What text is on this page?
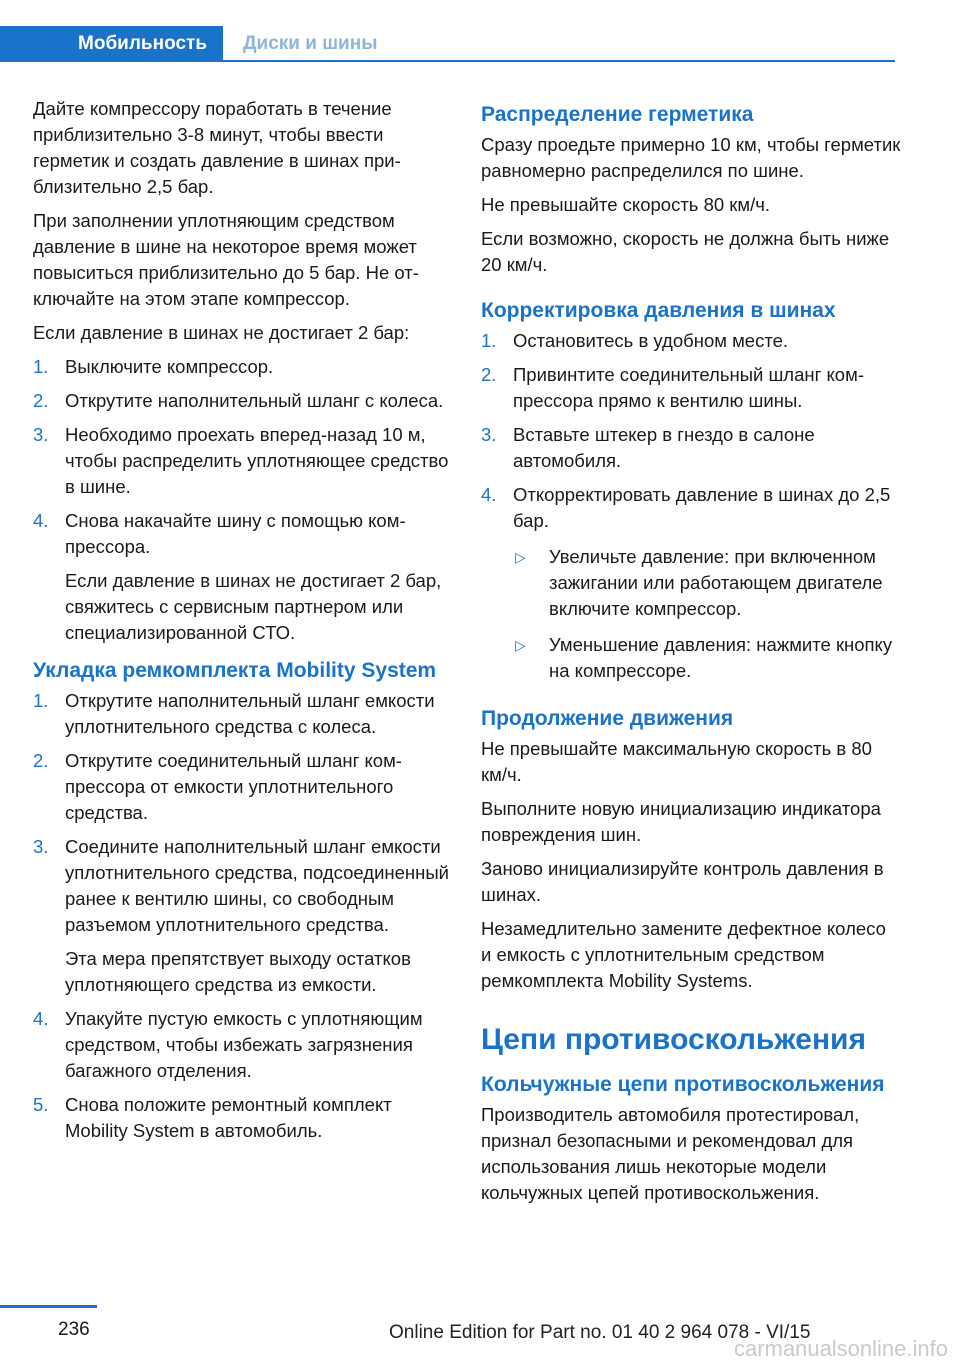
Мобильность	Диски и шины

Дайте компрессору поработать в течение приблизительно 3-8 минут, чтобы ввести герметик и создать давление в шинах приблизительно 2,5 бар.

При заполнении уплотняющим средством давление в шине на некоторое время может повыситься приблизительно до 5 бар. Не отключайте на этом этапе компрессор.

Если давление в шинах не достигает 2 бар:

1. Выключите компрессор.
2. Открутите наполнительный шланг с колеса.
3. Необходимо проехать вперед-назад 10 м, чтобы распределить уплотняющее средство в шине.
4. Снова накачайте шину с помощью компрессора.

Если давление в шинах не достигает 2 бар, свяжитесь с сервисным партнером или специализированной СТО.

Укладка ремкомплекта Mobility System
1. Открутите наполнительный шланг емкости уплотнительного средства с колеса.
2. Открутите соединительный шланг компрессора от емкости уплотнительного средства.
3. Соедините наполнительный шланг емкости уплотнительного средства, подсоединенный ранее к вентилю шины, со свободным разъемом уплотнительного средства.

Эта мера препятствует выходу остатков уплотняющего средства из емкости.

4. Упакуйте пустую емкость с уплотняющим средством, чтобы избежать загрязнения багажного отделения.
5. Снова положите ремонтный комплект Mobility System в автомобиль.
Распределение герметика

Сразу проедьте примерно 10 км, чтобы герметик равномерно распределился по шине.

Не превышайте скорость 80 км/ч.

Если возможно, скорость не должна быть ниже 20 км/ч.

Корректировка давления в шинах
1. Остановитесь в удобном месте.
2. Привинтите соединительный шланг компрессора прямо к вентилю шины.
3. Вставьте штекер в гнездо в салоне автомобиля.
4. Откорректировать давление в шинах до 2,5 бар.
▷ Увеличьте давление: при включенном зажигании или работающем двигателе включите компрессор.
▷ Уменьшение давления: нажмите кнопку на компрессоре.
Продолжение движения

Не превышайте максимальную скорость в 80 км/ч.

Выполните новую инициализацию индикатора повреждения шин.

Заново инициализируйте контроль давления в шинах.

Незамедлительно замените дефектное колесо и емкость с уплотнительным средством ремкомплекта Mobility Systems.

Цепи противоскольжения
Кольчужные цепи противоскольжения

Производитель автомобиля протестировал, признал безопасными и рекомендовал для использования лишь некоторые модели кольчужных цепей противоскольжения.

236	Online Edition for Part no. 01 40 2 964 078 - VI/15
carmanualsonline.info
